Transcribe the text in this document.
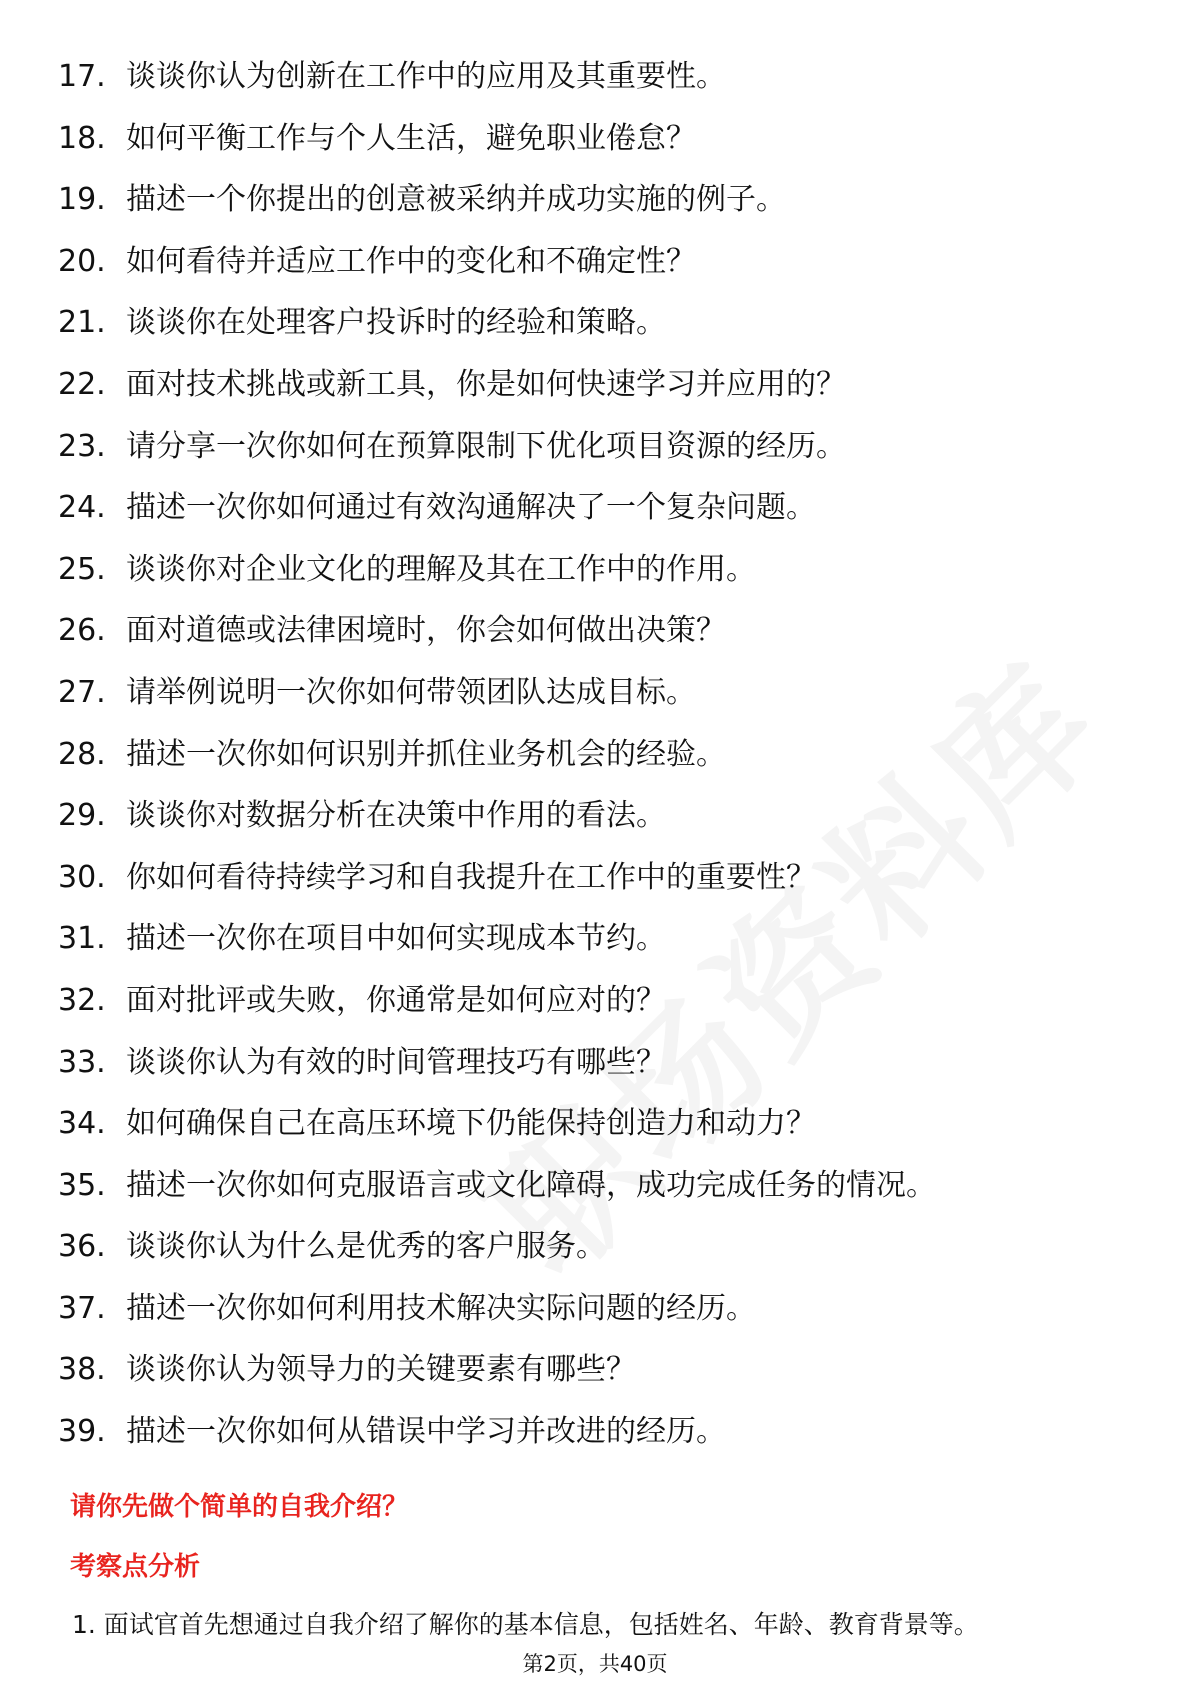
17. 谈谈你认为创新在工作中的应用及其重要性。
18. 如何平衡工作与个人生活，避免职业倦怠？
19. 描述一个你提出的创意被采纳并成功实施的例子。
20. 如何看待并适应工作中的变化和不确定性？
21. 谈谈你在处理客户投诉时的经验和策略。
22. 面对技术挑战或新工具，你是如何快速学习并应用的？
23. 请分享一次你如何在预算限制下优化项目资源的经历。
24. 描述一次你如何通过有效沟通解决了一个复杂问题。
25. 谈谈你对企业文化的理解及其在工作中的作用。
26. 面对道德或法律困境时，你会如何做出决策？
27. 请举例说明一次你如何带领团队达成目标。
28. 描述一次你如何识别并抓住业务机会的经验。
29. 谈谈你对数据分析在决策中作用的看法。
30. 你如何看待持续学习和自我提升在工作中的重要性？
31. 描述一次你在项目中如何实现成本节约。
32. 面对批评或失败，你通常是如何应对的？
33. 谈谈你认为有效的时间管理技巧有哪些？
34. 如何确保自己在高压环境下仍能保持创造力和动力？
35. 描述一次你如何克服语言或文化障碍，成功完成任务的情况。
36. 谈谈你认为什么是优秀的客户服务。
37. 描述一次你如何利用技术解决实际问题的经历。
38. 谈谈你认为领导力的关键要素有哪些？
39. 描述一次你如何从错误中学习并改进的经历。
请你先做个简单的自我介绍？
考察点分析
1. 面试官首先想通过自我介绍了解你的基本信息，包括姓名、年龄、教育背景等。
第2页，共40页
